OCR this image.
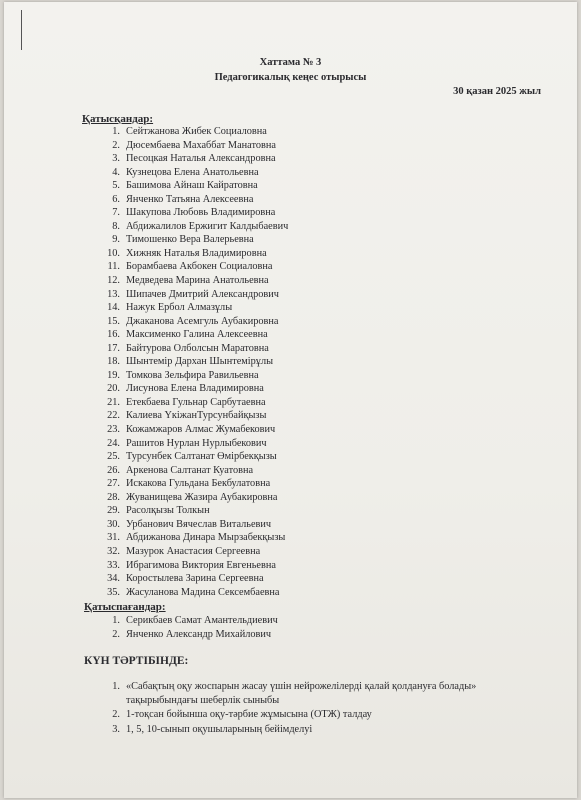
Хаттама № 3
Педагогикалық кеңес отырысы
30 қазан 2025 жыл
Қатысқандар:
1. Сейтжанова Жибек Социаловна
2. Дюсембаева Махаббат Манатовна
3. Песоцкая Наталья Александровна
4. Кузнецова Елена Анатольевна
5. Башимова Айнаш Кайратовна
6. Янченко Татьяна Алексеевна
7. Шакупова Любовь Владимировна
8. Абдижалилов Ержигит Калдыбаевич
9. Тимошенко Вера Валерьевна
10. Хижняк Наталья Владимировна
11. Борамбаева Акбокен Социаловна
12. Медведева Марина Анатольевна
13. Шипачев Дмитрий Александрович
14. Нажук Ербол Алмазұлы
15. Джаканова Асемгуль Аубакировна
16. Максименко Галина Алексеевна
17. Байтурова Олболсын Маратовна
18. Шынтемір Дархан Шынтемірұлы
19. Томкова Зельфира Равильевна
20. Лисунова Елена Владимировна
21. Етекбаева Гульнар Сарбутаевна
22. Калиева ҮкіжанТурсунбайқызы
23. Кожамжаров Алмас Жумабекович
24. Рашитов Нурлан Нурлыбекович
25. Турсунбек Салтанат Өмірбекқызы
26. Аркенова Салтанат Куатовна
27. Искакова Гульдана Бекбулатовна
28. Жуванищева Жазира Аубакировна
29. Расолқызы Толкын
30. Урбанович Вячеслав Витальевич
31. Абдижанова Динара Мырзабекқызы
32. Мазурок Анастасия Сергеевна
33. Ибрагимова Виктория Евгеньевна
34. Коростылева Зарина Сергеевна
35. Жасуланова Мадина Сексембаевна
Қатыспағандар:
1. Серикбаев Самат Амантельдиевич
2. Янченко Александр Михайлович
КҮН ТӘРТІБІНДЕ:
1. «Сабақтың оқу жоспарын жасау үшін нейрожелілерді қалай қолдануға болады» тақырыбындағы шеберлік сыныбы
2. 1-тоқсан бойынша оқу-тәрбие жұмысына (ОТЖ) талдау
3. 1, 5, 10-сынып оқушыларының бейімделуі
